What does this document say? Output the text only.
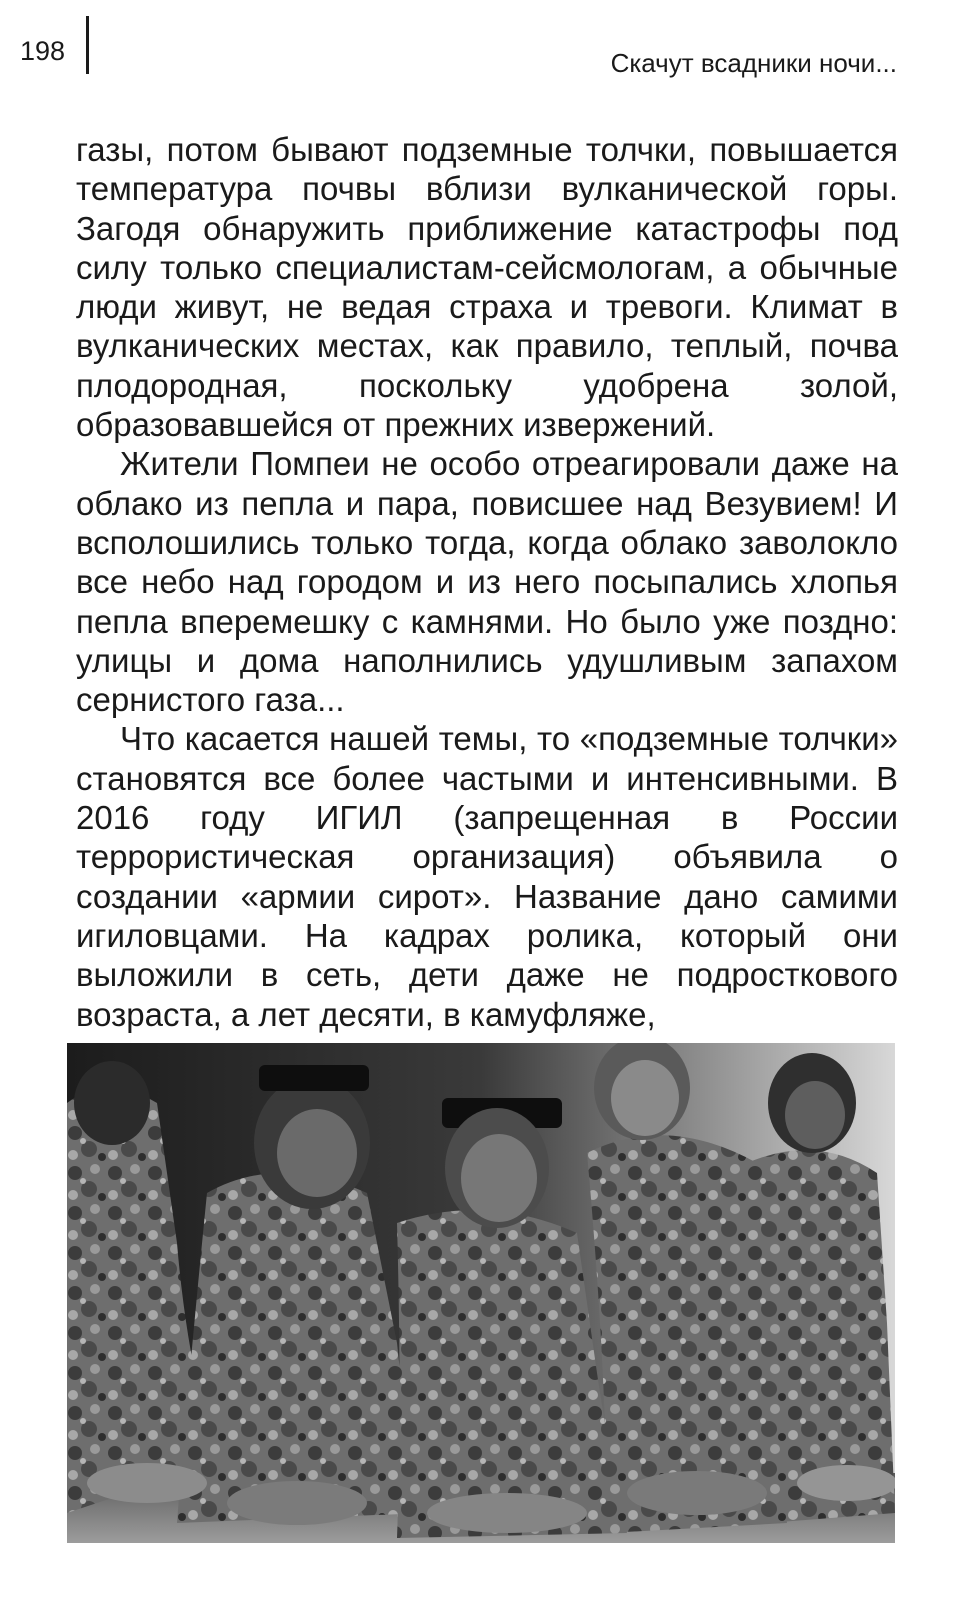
198	Скачут всадники ночи...

газы, потом бывают подземные толчки, повышается температура почвы вблизи вулканической горы. Загодя обнаружить приближение катастрофы под силу только специалистам-сейсмологам, а обычные люди живут, не ведая страха и тревоги. Климат в вулканических местах, как правило, теплый, почва плодородная, поскольку удобрена золой, образовавшейся от прежних извержений.

Жители Помпеи не особо отреагировали даже на облако из пепла и пара, повисшее над Везувием! И всполошились только тогда, когда облако заволокло все небо над городом и из него посыпались хлопья пепла вперемешку с камнями. Но было уже поздно: улицы и дома наполнились удушливым запахом сернистого газа...

Что касается нашей темы, то «подземные толчки» становятся все более частыми и интенсивными. В 2016 году ИГИЛ (запрещенная в России террористическая организация) объявила о создании «армии сирот». Название дано самими игиловцами. На кадрах ролика, который они выложили в сеть, дети даже не подросткового возраста, а лет десяти, в камуфляже,
